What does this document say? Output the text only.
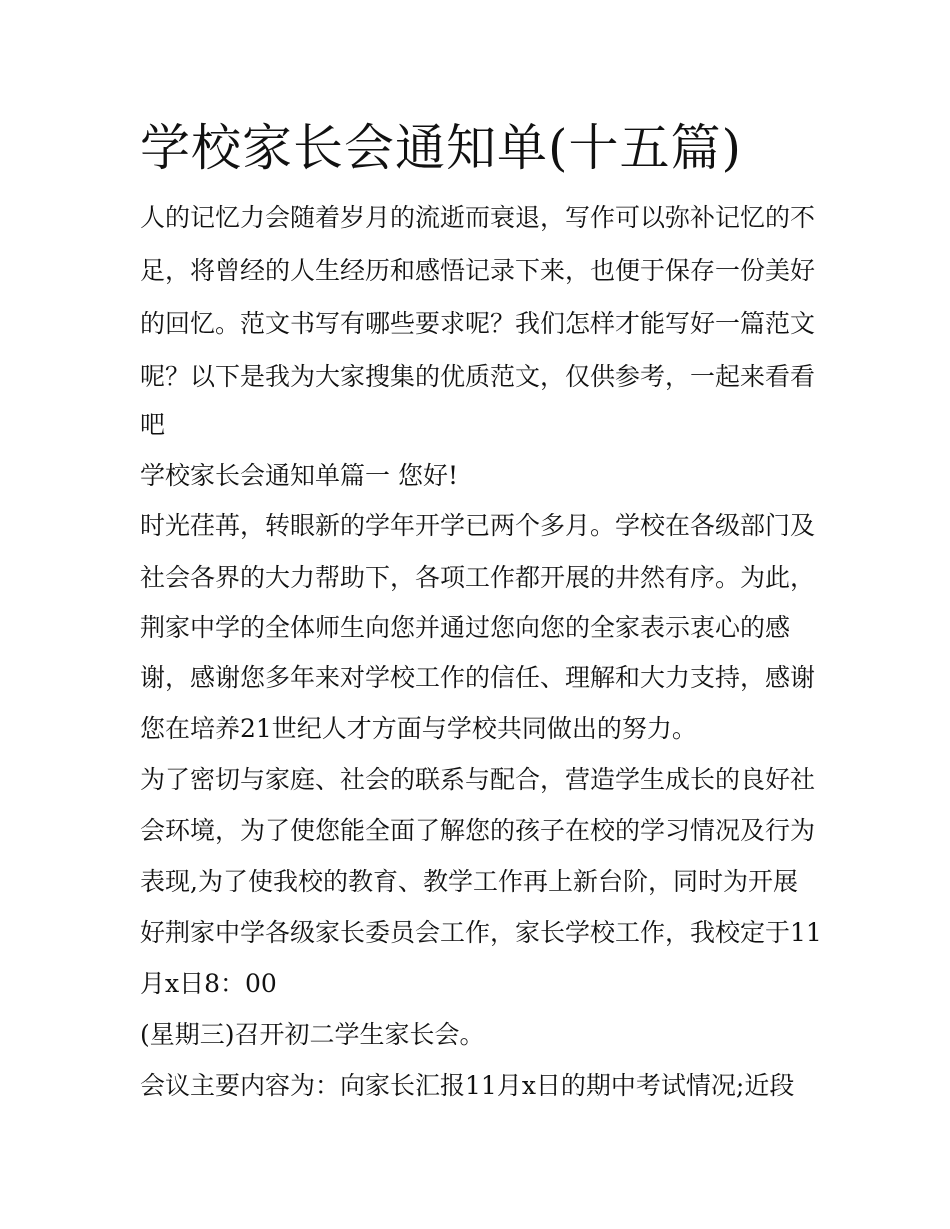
学校家长会通知单(十五篇)

人的记忆力会随着岁月的流逝而衰退，写作可以弥补记忆的不

足，将曾经的人生经历和感悟记录下来，也便于保存一份美好

的回忆。范文书写有哪些要求呢？我们怎样才能写好一篇范文

呢？以下是我为大家搜集的优质范文，仅供参考，一起来看看

吧

学校家长会通知单篇一 您好!

时光荏苒，转眼新的学年开学已两个多月。学校在各级部门及

社会各界的大力帮助下，各项工作都开展的井然有序。为此，

荆家中学的全体师生向您并通过您向您的全家表示衷心的感

谢，感谢您多年来对学校工作的信任、理解和大力支持，感谢

您在培养21世纪人才方面与学校共同做出的努力。

为了密切与家庭、社会的联系与配合，营造学生成长的良好社

会环境，为了使您能全面了解您的孩子在校的学习情况及行为

表现,为了使我校的教育、教学工作再上新台阶，同时为开展

好荆家中学各级家长委员会工作，家长学校工作，我校定于11

月x日8：00

(星期三)召开初二学生家长会。

会议主要内容为：向家长汇报11月x日的期中考试情况;近段
